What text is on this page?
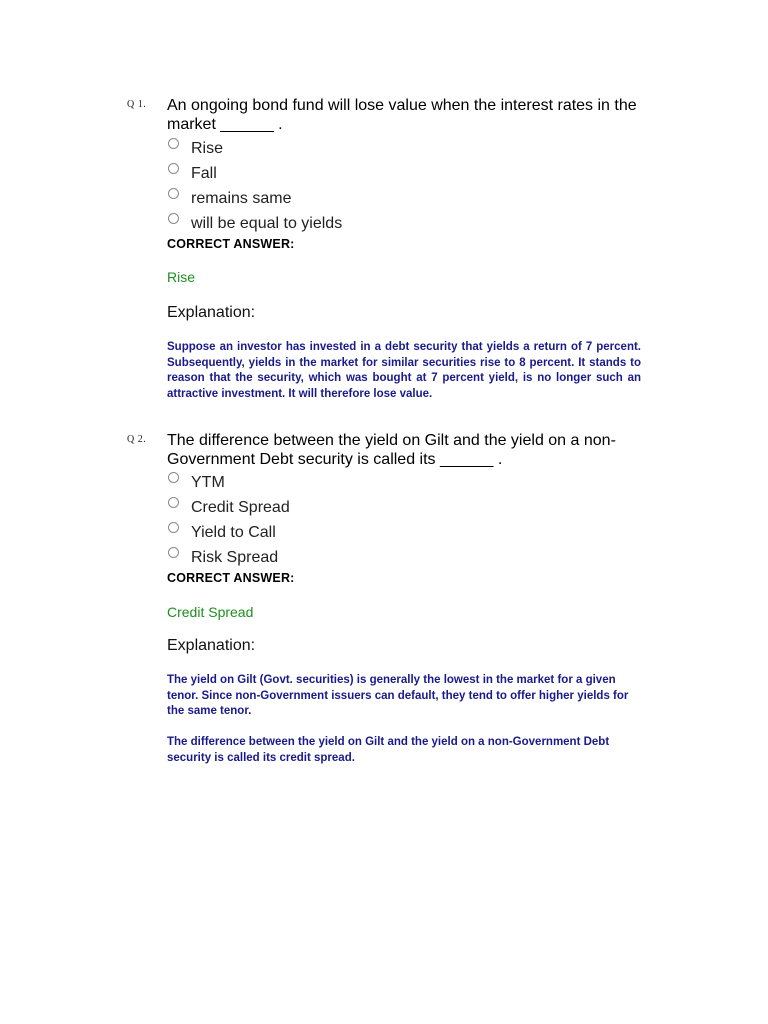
Q 1. An ongoing bond fund will lose value when the interest rates in the market ______ .
Rise
Fall
remains same
will be equal to yields
CORRECT ANSWER:
Rise
Explanation:

Suppose an investor has invested in a debt security that yields a return of 7 percent. Subsequently, yields in the market for similar securities rise to 8 percent. It stands to reason that the security, which was bought at 7 percent yield, is no longer such an attractive investment. It will therefore lose value.

Q 2. The difference between the yield on Gilt and the yield on a non-Government Debt security is called its ______ .
YTM
Credit Spread
Yield to Call
Risk Spread
CORRECT ANSWER:
Credit Spread
Explanation:

The yield on Gilt (Govt. securities) is generally the lowest in the market for a given tenor. Since non-Government issuers can default, they tend to offer higher yields for the same tenor.

The difference between the yield on Gilt and the yield on a non-Government Debt security is called its credit spread.
